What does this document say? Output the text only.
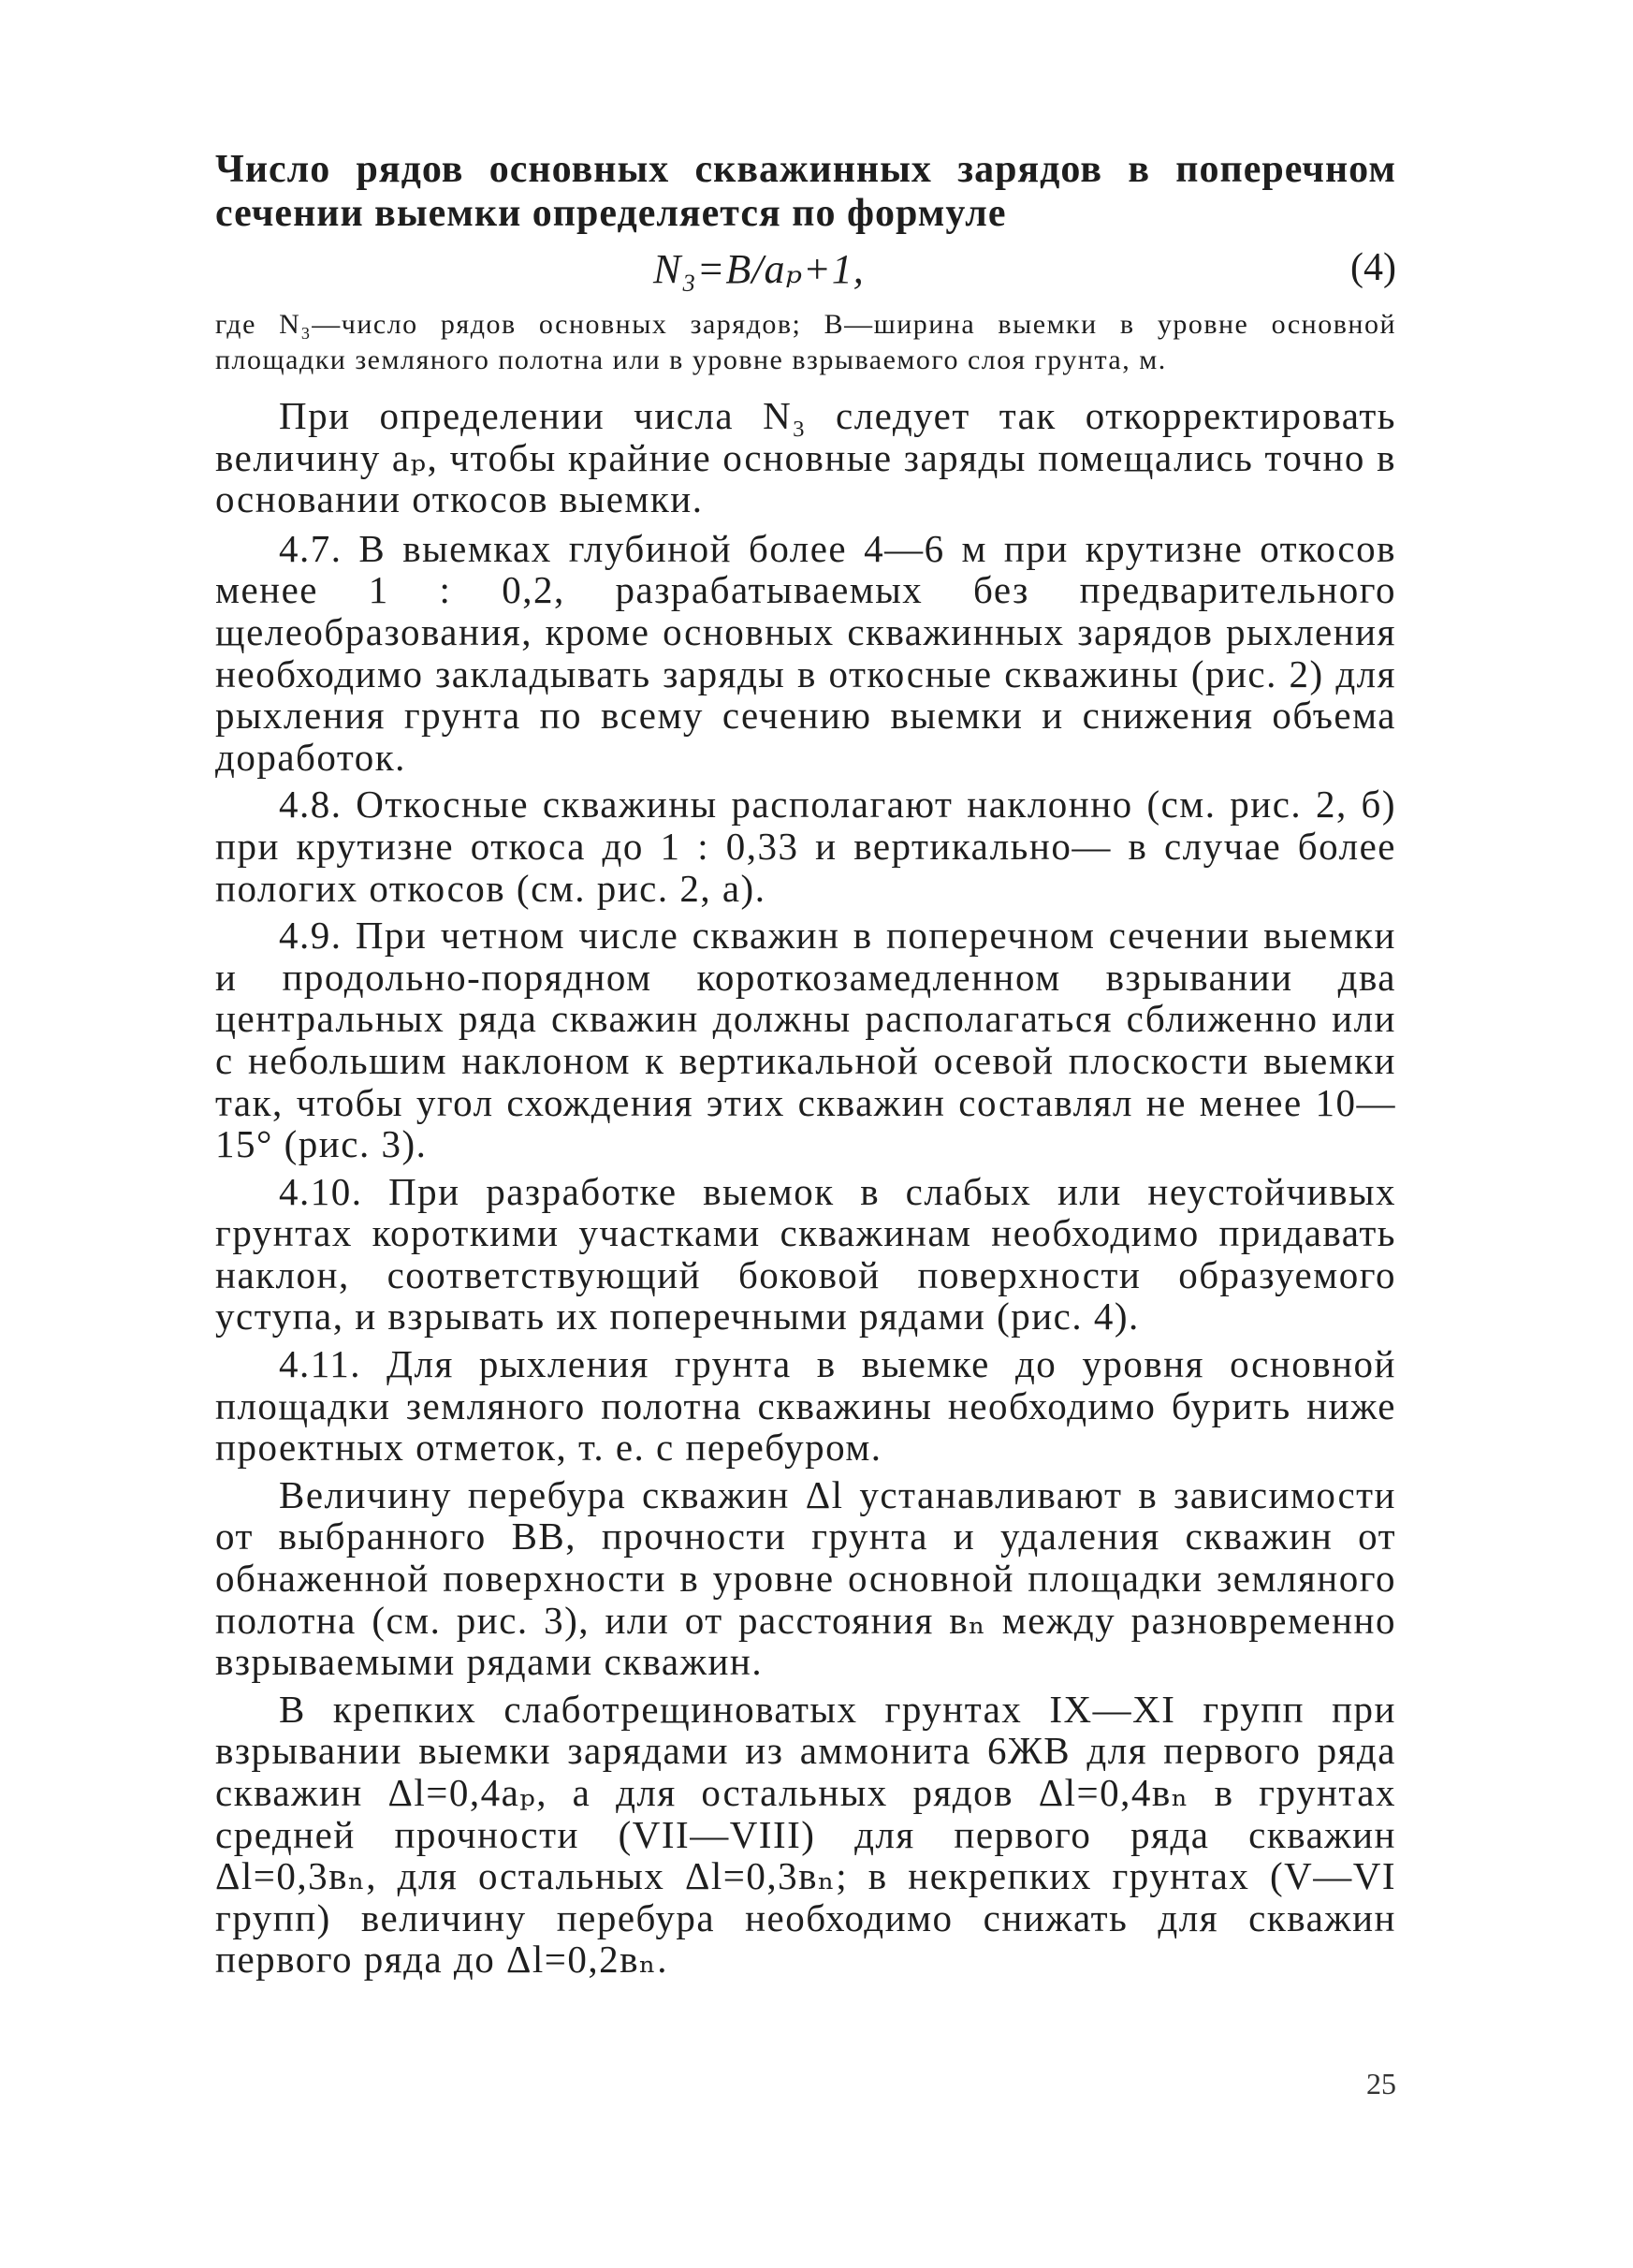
Число рядов основных скважинных зарядов в поперечном сечении выемки определяется по формуле

N₃=B/aₚ+1,	(4)

где N₃—число рядов основных зарядов; B—ширина выемки в уровне основной площадки земляного полотна или в уровне взрываемого слоя грунта, м.

При определении числа N₃ следует так откорректировать величину aₚ, чтобы крайние основные заряды помещались точно в основании откосов выемки.

4.7. В выемках глубиной более 4—6 м при крутизне откосов менее 1 : 0,2, разрабатываемых без предварительного щелеобразования, кроме основных скважинных зарядов рыхления необходимо закладывать заряды в откосные скважины (рис. 2) для рыхления грунта по всему сечению выемки и снижения объема доработок.

4.8. Откосные скважины располагают наклонно (см. рис. 2, б) при крутизне откоса до 1 : 0,33 и вертикально— в случае более пологих откосов (см. рис. 2, а).

4.9. При четном числе скважин в поперечном сечении выемки и продольно-порядном короткозамедленном взрывании два центральных ряда скважин должны располагаться сближенно или с небольшим наклоном к вертикальной осевой плоскости выемки так, чтобы угол схождения этих скважин составлял не менее 10—15° (рис. 3).

4.10. При разработке выемок в слабых или неустойчивых грунтах короткими участками скважинам необходимо придавать наклон, соответствующий боковой поверхности образуемого уступа, и взрывать их поперечными рядами (рис. 4).

4.11. Для рыхления грунта в выемке до уровня основной площадки земляного полотна скважины необходимо бурить ниже проектных отметок, т. е. с перебуром.

Величину перебура скважин Δl устанавливают в зависимости от выбранного ВВ, прочности грунта и удаления скважин от обнаженной поверхности в уровне основной площадки земляного полотна (см. рис. 3), или от расстояния вₙ между разновременно взрываемыми рядами скважин.

В крепких слаботрещиноватых грунтах IX—XI групп при взрывании выемки зарядами из аммонита 6ЖВ для первого ряда скважин Δl=0,4aₚ, а для остальных рядов Δl=0,4вₙ в грунтах средней прочности (VII—VIII) для первого ряда скважин Δl=0,3вₙ, для остальных Δl=0,3вₙ; в некрепких грунтах (V—VI групп) величину перебура необходимо снижать для скважин первого ряда до Δl=0,2вₙ.

25
